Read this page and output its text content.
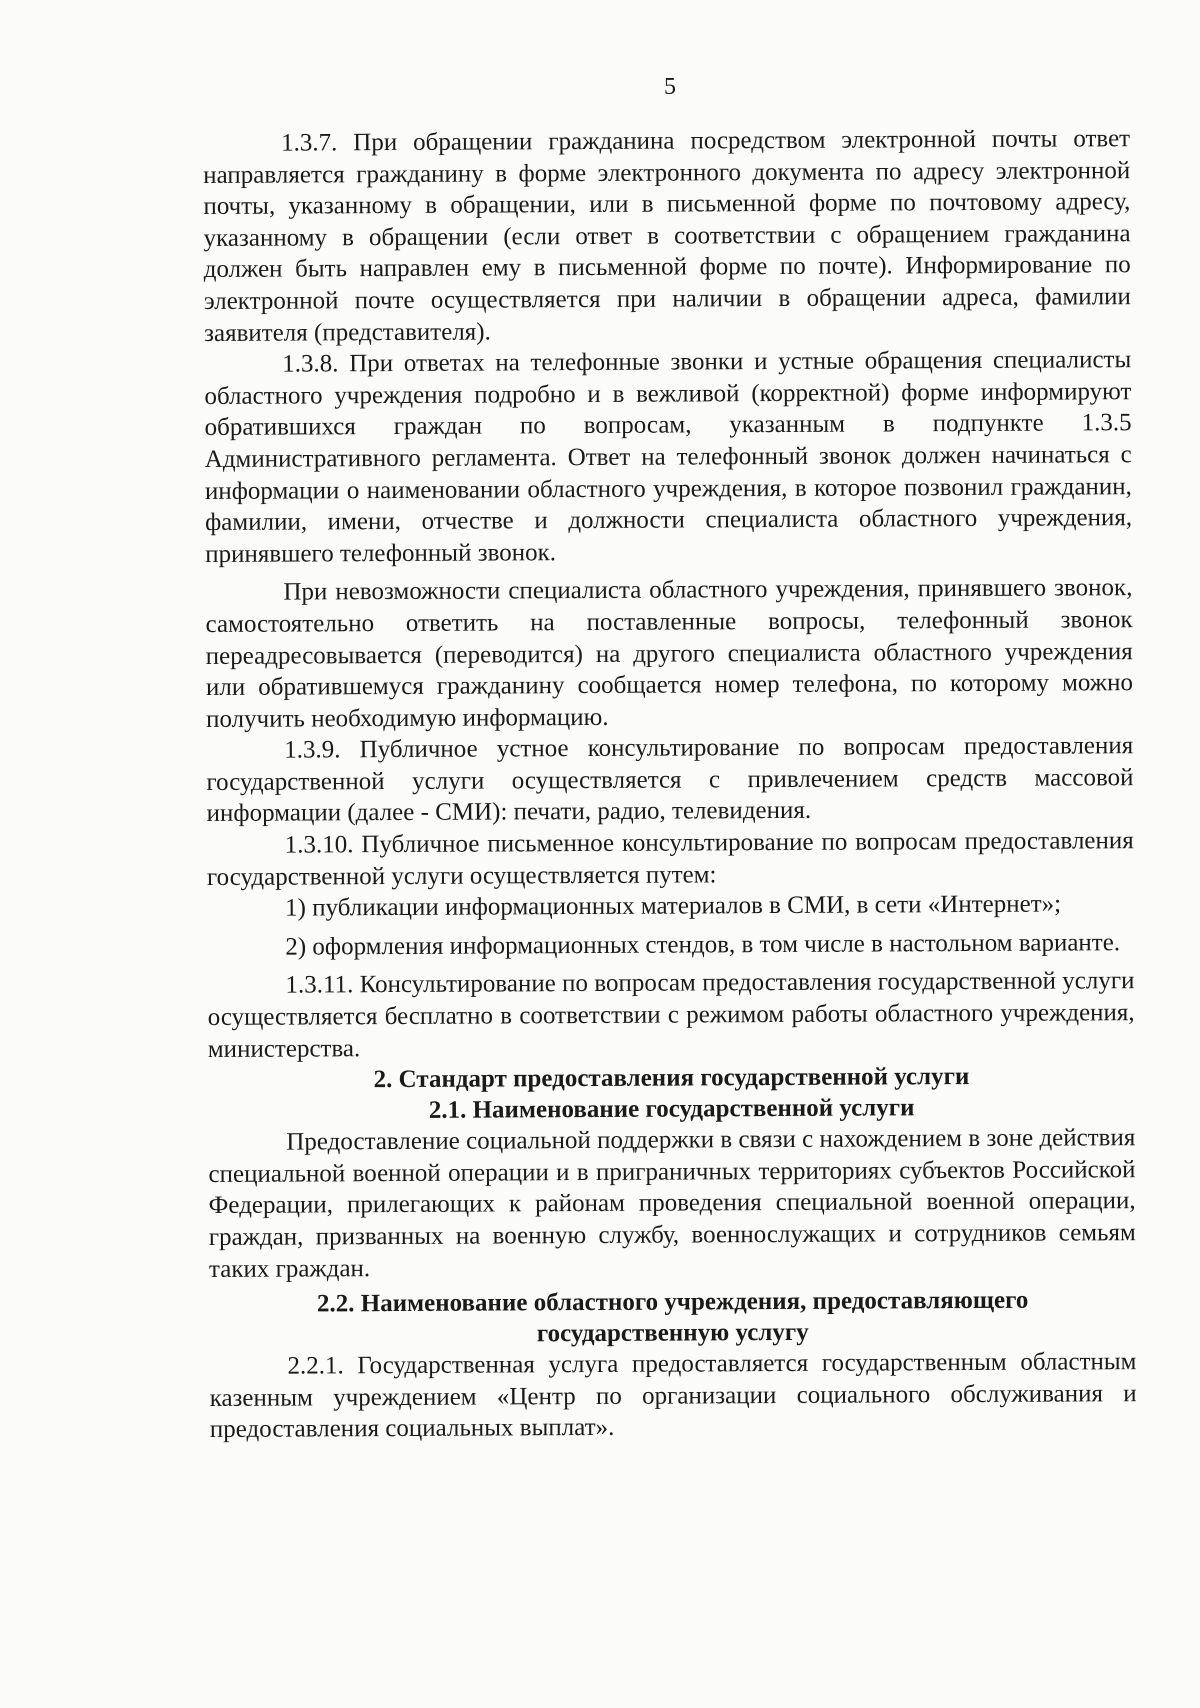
5

1.3.7. При обращении гражданина посредством электронной почты ответ направляется гражданину в форме электронного документа по адресу электронной почты, указанному в обращении, или в письменной форме по почтовому адресу, указанному в обращении (если ответ в соответствии с обращением гражданина должен быть направлен ему в письменной форме по почте). Информирование по электронной почте осуществляется при наличии в обращении адреса, фамилии заявителя (представителя).

1.3.8. При ответах на телефонные звонки и устные обращения специалисты областного учреждения подробно и в вежливой (корректной) форме информируют обратившихся граждан по вопросам, указанным в подпункте 1.3.5 Административного регламента. Ответ на телефонный звонок должен начинаться с информации о наименовании областного учреждения, в которое позвонил гражданин, фамилии, имени, отчестве и должности специалиста областного учреждения, принявшего телефонный звонок.

При невозможности специалиста областного учреждения, принявшего звонок, самостоятельно ответить на поставленные вопросы, телефонный звонок переадресовывается (переводится) на другого специалиста областного учреждения или обратившемуся гражданину сообщается номер телефона, по которому можно получить необходимую информацию.

1.3.9. Публичное устное консультирование по вопросам предоставления государственной услуги осуществляется с привлечением средств массовой информации (далее - СМИ): печати, радио, телевидения.

1.3.10. Публичное письменное консультирование по вопросам предоставления государственной услуги осуществляется путем:

1) публикации информационных материалов в СМИ, в сети «Интернет»;

2) оформления информационных стендов, в том числе в настольном варианте.

1.3.11. Консультирование по вопросам предоставления государственной услуги осуществляется бесплатно в соответствии с режимом работы областного учреждения, министерства.

2. Стандарт предоставления государственной услуги
2.1. Наименование государственной услуги

Предоставление социальной поддержки в связи с нахождением в зоне действия специальной военной операции и в приграничных территориях субъектов Российской Федерации, прилегающих к районам проведения специальной военной операции, граждан, призванных на военную службу, военнослужащих и сотрудников семьям таких граждан.

2.2. Наименование областного учреждения, предоставляющего
государственную услугу

2.2.1. Государственная услуга предоставляется государственным областным казенным учреждением «Центр по организации социального обслуживания и предоставления социальных выплат».
